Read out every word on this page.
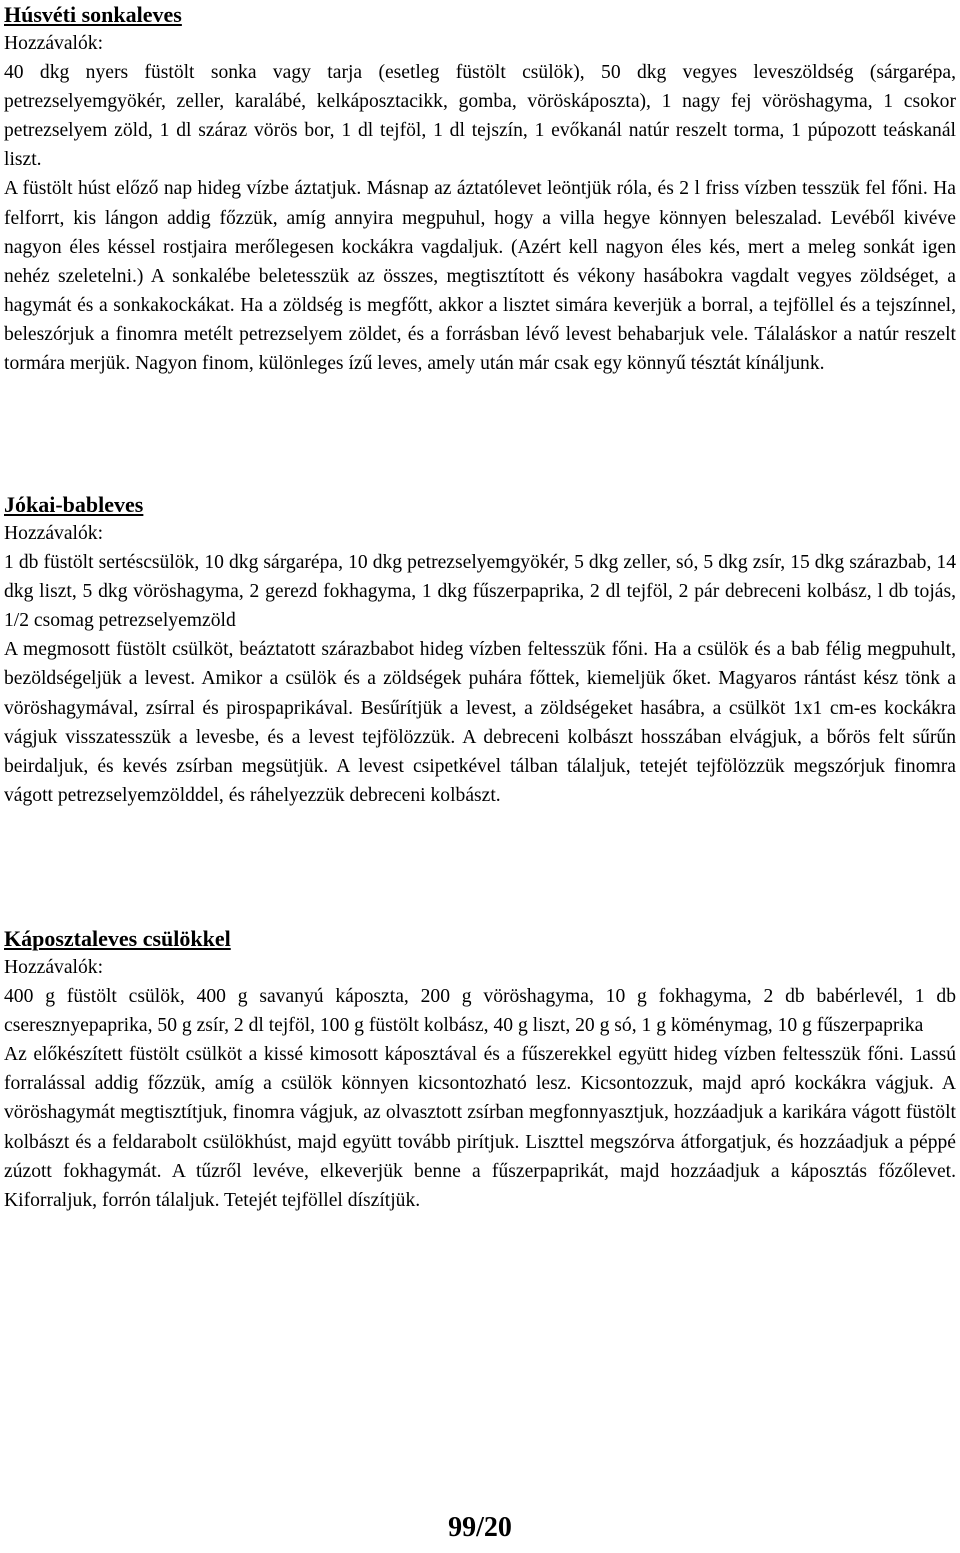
Húsvéti sonkaleves

Hozzávalók:

40 dkg nyers füstölt sonka vagy tarja (esetleg füstölt csülök), 50 dkg vegyes leveszöldség (sárgarépa, petrezselyemgyökér, zeller, karalábé, kelkáposztacikk, gomba, vöröskáposzta), 1 nagy fej vöröshagyma, 1 csokor petrezselyem zöld, 1 dl száraz vörös bor, 1 dl tejföl, 1 dl tejszín, 1 evőkanál natúr reszelt torma, 1 púpozott teáskanál liszt.

A füstölt húst előző nap hideg vízbe áztatjuk. Másnap az áztatólevet leöntjük róla, és 2 l friss vízben tesszük fel főni. Ha felforrt, kis lángon addig főzzük, amíg annyira megpuhul, hogy a villa hegye könnyen beleszalad. Levéből kivéve nagyon éles késsel rostjaira merőlegesen kockákra vagdaljuk. (Azért kell nagyon éles kés, mert a meleg sonkát igen nehéz szeletelni.) A sonkalébe beletesszük az összes, megtisztított és vékony hasábokra vagdalt vegyes zöldséget, a hagymát és a sonkakockákat. Ha a zöldség is megfőtt, akkor a lisztet simára keverjük a borral, a tejföllel és a tejszínnel, beleszórjuk a finomra metélt petrezselyem zöldet, és a forrásban lévő levest behabarjuk vele. Tálaláskor a natúr reszelt tormára merjük. Nagyon finom, különleges ízű leves, amely után már csak egy könnyű tésztát kínáljunk.

Jókai-bableves

Hozzávalók:

1 db füstölt sertéscsülök, 10 dkg sárgarépa, 10 dkg petrezselyemgyökér, 5 dkg zeller, só, 5 dkg zsír, 15 dkg szárazbab, 14 dkg liszt, 5 dkg vöröshagyma, 2 gerezd fokhagyma, 1 dkg fűszerpaprika, 2 dl tejföl, 2 pár debreceni kolbász, l db tojás, 1/2 csomag petrezselyemzöld

A megmosott füstölt csülköt, beáztatott szárazbabot hideg vízben feltesszük főni. Ha a csülök és a bab félig megpuhult, bezöldségeljük a levest. Amikor a csülök és a zöldségek puhára főttek, kiemeljük őket. Magyaros rántást kész tönk a vöröshagymával, zsírral és pirospaprikával. Besűrítjük a levest, a zöldségeket hasábra, a csülköt 1x1 cm-es kockákra vágjuk visszatesszük a levesbe, és a levest tejfölözzük. A debreceni kolbászt hosszában elvágjuk, a bőrös felt sűrűn beirdaljuk, és kevés zsírban megsütjük. A levest csipetkével tálban tálaljuk, tetejét tejfölözzük megszórjuk finomra vágott petrezselyemzölddel, és ráhelyezzük debreceni kolbászt.

Káposztaleves csülökkel

Hozzávalók:

400 g füstölt csülök, 400 g savanyú káposzta, 200 g vöröshagyma, 10 g fokhagyma, 2 db babérlevél, 1 db cseresznyepaprika, 50 g zsír, 2 dl tejföl, 100 g füstölt kolbász, 40 g liszt, 20 g só, 1 g köménymag, 10 g fűszerpaprika

Az előkészített füstölt csülköt a kissé kimosott káposztával és a fűszerekkel együtt hideg vízben feltesszük főni. Lassú forralással addig főzzük, amíg a csülök könnyen kicsontozható lesz. Kicsontozzuk, majd apró kockákra vágjuk. A vöröshagymát megtisztítjuk, finomra vágjuk, az olvasztott zsírban megfonnyasztjuk, hozzáadjuk a karikára vágott füstölt kolbászt és a feldarabolt csülökhúst, majd együtt tovább pirítjuk. Liszttel megszórva átforgatjuk, és hozzáadjuk a péppé zúzott fokhagymát. A tűzről levéve, elkeverjük benne a fűszerpaprikát, majd hozzáadjuk a káposztás főzőlevet. Kiforraljuk, forrón tálaljuk. Tetejét tejföllel díszítjük.

99/20
